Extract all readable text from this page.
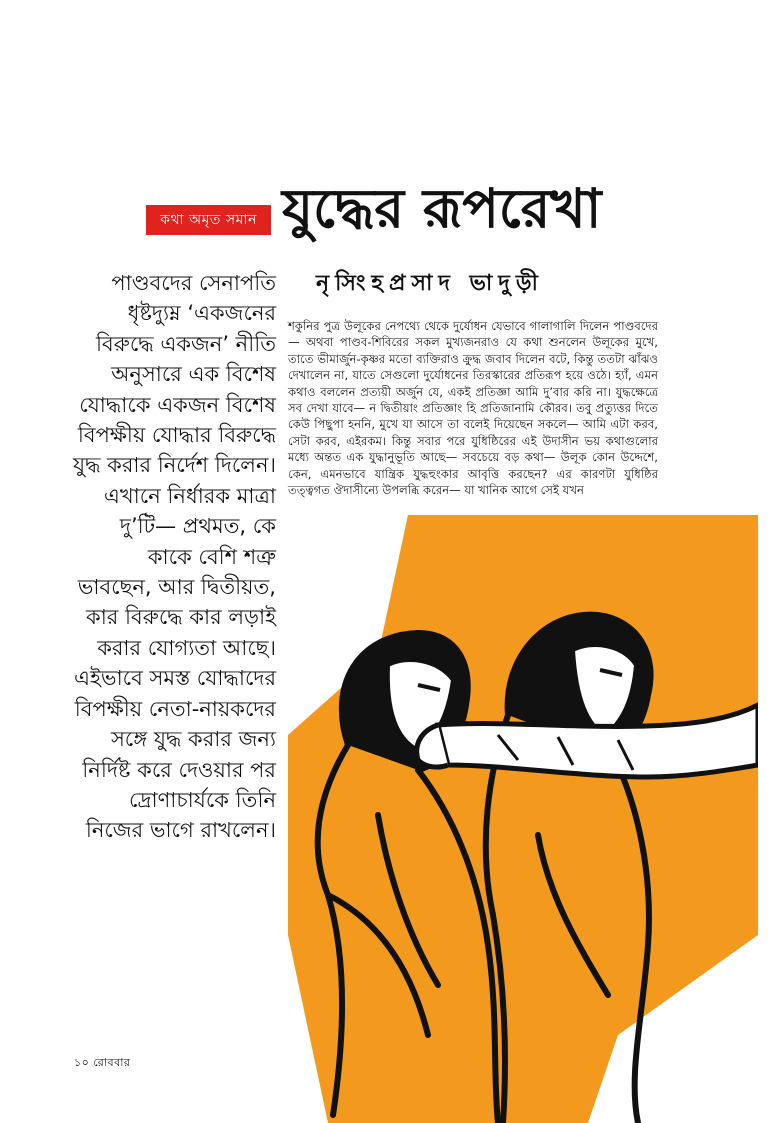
কথা অমৃত সমান যুদ্ধের রূপরেখা
নৃসিংহপ্রসাদ ভাদুড়ী

পাণ্ডবদের সেনাপতি ধৃষ্টদ্যুম্ন ‘একজনের বিরুদ্ধে একজন’ নীতি অনুসারে এক বিশেষ যোদ্ধাকে একজন বিশেষ বিপক্ষীয় যোদ্ধার বিরুদ্ধে যুদ্ধ করার নির্দেশ দিলেন। এখানে নির্ধারক মাত্রা দু’টি— প্রথমত, কে কাকে বেশি শত্রু ভাবছেন, আর দ্বিতীয়ত, কার বিরুদ্ধে কার লড়াই করার যোগ্যতা আছে। এইভাবে সমস্ত যোদ্ধাদের বিপক্ষীয় নেতা-নায়কদের সঙ্গে যুদ্ধ করার জন্য নির্দিষ্ট করে দেওয়ার পর দ্রোণাচার্যকে তিনি নিজের ভাগে রাখলেন।

শকুনির পুত্র উলূকের নেপথ্যে থেকে দুর্যোধন যেভাবে গালাগালি দিলেন পাণ্ডবদের— অথবা পাণ্ডব-শিবিরের সকল মুখ্যজনরাও যে কথা শুনলেন উলূকের মুখে, তাতে ভীমার্জুন-কৃষ্ণর মতো ব্যক্তিরাও ক্রুদ্ধ জবাব দিলেন বটে, কিন্তু ততটা ঝাঁঝও দেখালেন না, যাতে সেগুলো দুর্যোধনের তিরস্কারের প্রতিরূপ হয়ে ওঠে। হ্যাঁ, এমন কথাও বললেন প্রত্যয়ী অর্জুন যে, একই প্রতিজ্ঞা আমি দু’বার করি না। যুদ্ধক্ষেত্রে সব দেখা যাবে— ন দ্বিতীয়াং প্রতিজ্ঞাং হি প্রতিজানামি কৌরব। তবু প্রত্যুত্তর দিতে কেউ পিছুপা হননি, মুখে যা আসে তা বলেই দিয়েছেন সকলে— আমি এটা করব, সেটা করব, এইরকম। কিন্তু সবার পরে যুধিষ্ঠিরের এই উদাসীন ভয় কথাগুলোর মধ্যে অন্তত এক যুদ্ধানুভূতি আছে— সবচেয়ে বড় কথা— উলূক কোন উদ্দেশে, কেন, এমনভাবে যান্ত্রিক যুদ্ধহুংকার আবৃত্তি করছেন? এর কারণটা যুধিষ্ঠির তত্ত্বগত ঔদাসীন্যে উপলব্ধি করেন— যা খানিক আগে সেই যখন

১০ রোববার
